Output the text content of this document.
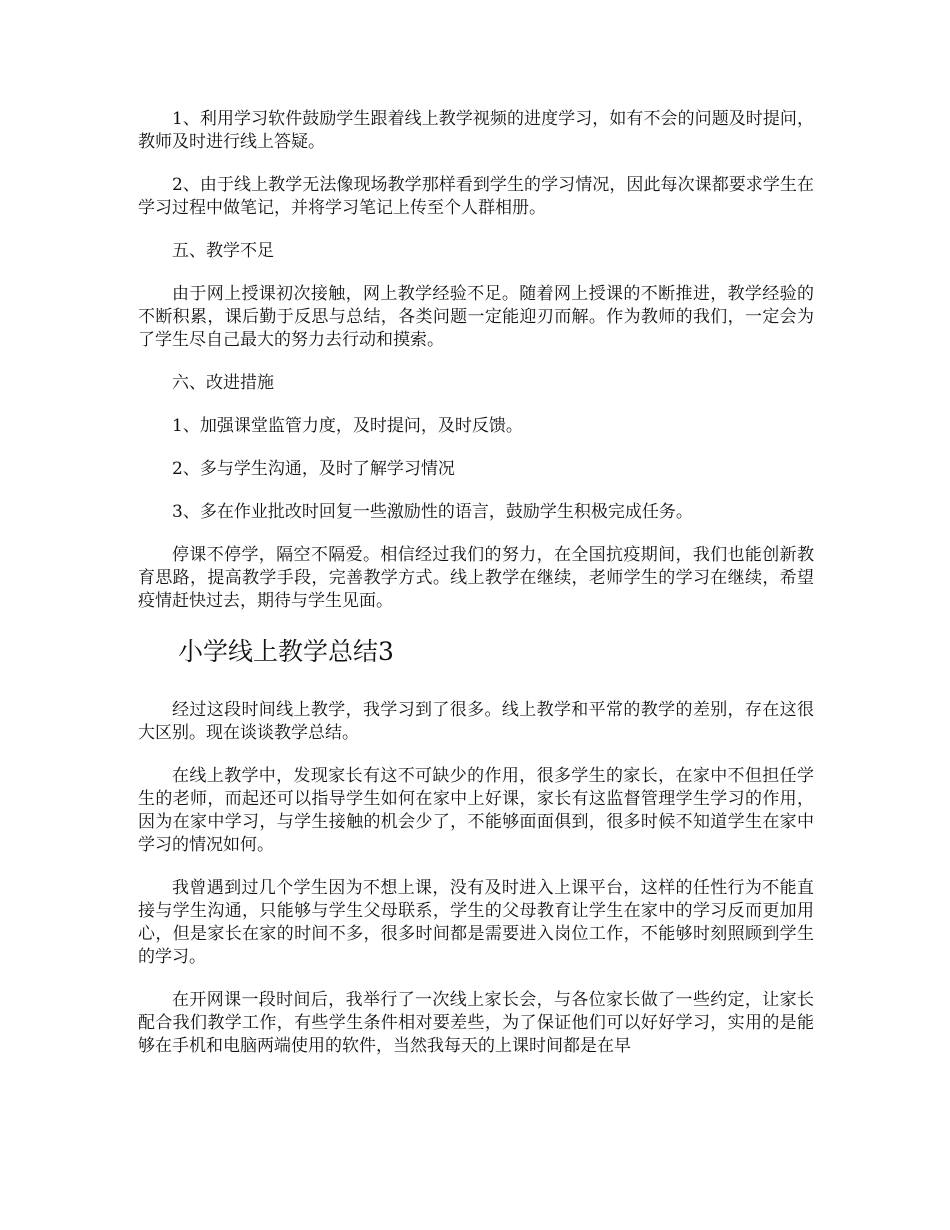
1、利用学习软件鼓励学生跟着线上教学视频的进度学习，如有不会的问题及时提问，教师及时进行线上答疑。

2、由于线上教学无法像现场教学那样看到学生的学习情况，因此每次课都要求学生在学习过程中做笔记，并将学习笔记上传至个人群相册。

五、教学不足

由于网上授课初次接触，网上教学经验不足。随着网上授课的不断推进，教学经验的不断积累，课后勤于反思与总结，各类问题一定能迎刃而解。作为教师的我们，一定会为了学生尽自己最大的努力去行动和摸索。

六、改进措施

1、加强课堂监管力度，及时提问，及时反馈。

2、多与学生沟通，及时了解学习情况

3、多在作业批改时回复一些激励性的语言，鼓励学生积极完成任务。

停课不停学，隔空不隔爱。相信经过我们的努力，在全国抗疫期间，我们也能创新教育思路，提高教学手段，完善教学方式。线上教学在继续，老师学生的学习在继续，希望疫情赶快过去，期待与学生见面。

小学线上教学总结3

经过这段时间线上教学，我学习到了很多。线上教学和平常的教学的差别，存在这很大区别。现在谈谈教学总结。

在线上教学中，发现家长有这不可缺少的作用，很多学生的家长，在家中不但担任学生的老师，而起还可以指导学生如何在家中上好课，家长有这监督管理学生学习的作用，因为在家中学习，与学生接触的机会少了，不能够面面俱到，很多时候不知道学生在家中学习的情况如何。

我曾遇到过几个学生因为不想上课，没有及时进入上课平台，这样的任性行为不能直接与学生沟通，只能够与学生父母联系，学生的父母教育让学生在家中的学习反而更加用心，但是家长在家的时间不多，很多时间都是需要进入岗位工作，不能够时刻照顾到学生的学习。

在开网课一段时间后，我举行了一次线上家长会，与各位家长做了一些约定，让家长配合我们教学工作，有些学生条件相对要差些，为了保证他们可以好好学习，实用的是能够在手机和电脑两端使用的软件，当然我每天的上课时间都是在早
